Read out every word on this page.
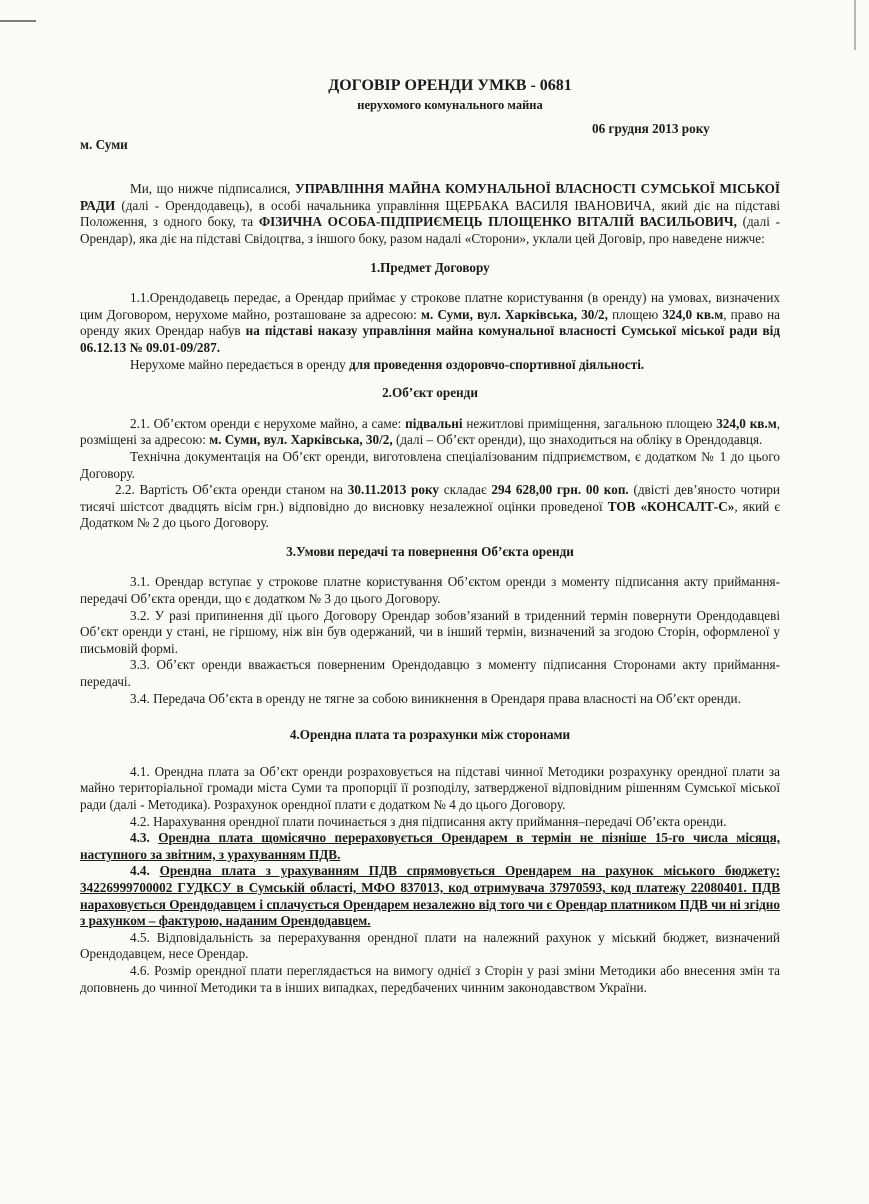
ДОГОВІР ОРЕНДИ УМКВ - 0681
нерухомого комунального майна
м. Суми
06 грудня 2013 року

Ми, що нижче підписалися, УПРАВЛІННЯ МАЙНА КОМУНАЛЬНОЇ ВЛАСНОСТІ СУМСЬКОЇ МІСЬКОЇ РАДИ (далі - Орендодавець), в особі начальника управління ЩЕРБАКА ВАСИЛЯ ІВАНОВИЧА, який діє на підставі Положення, з одного боку, та ФІЗИЧНА ОСОБА-ПІДПРИЄМЕЦЬ ПЛОЩЕНКО ВІТАЛІЙ ВАСИЛЬОВИЧ, (далі - Орендар), яка діє на підставі Свідоцтва, з іншого боку, разом надалі «Сторони», уклали цей Договір, про наведене нижче:

1.Предмет Договору

1.1.Орендодавець передає, а Орендар приймає у строкове платне користування (в оренду) на умовах, визначених цим Договором, нерухоме майно, розташоване за адресою: м. Суми, вул. Харківська, 30/2, площею 324,0 кв.м, право на оренду яких Орендар набув на підставі наказу управління майна комунальної власності Сумської міської ради від 06.12.13 № 09.01-09/287.

Нерухоме майно передається в оренду для проведення оздоровчо-спортивної діяльності.

2.Об’єкт оренди

2.1. Об’єктом оренди є нерухоме майно, а саме: підвальні нежитлові приміщення, загальною площею 324,0 кв.м, розміщені за адресою: м. Суми, вул. Харківська, 30/2, (далі – Об’єкт оренди), що знаходиться на обліку в Орендодавця.

Технічна документація на Об’єкт оренди, виготовлена спеціалізованим підприємством, є додатком № 1 до цього Договору.

2.2. Вартість Об’єкта оренди станом на 30.11.2013 року складає 294 628,00 грн. 00 коп. (двісті дев’яносто чотири тисячі шістсот двадцять вісім грн.) відповідно до висновку незалежної оцінки проведеної ТОВ «КОНСАЛТ-С», який є Додатком № 2 до цього Договору.

3.Умови передачі та повернення Об’єкта оренди

3.1. Орендар вступає у строкове платне користування Об’єктом оренди з моменту підписання акту приймання-передачі Об’єкта оренди, що є додатком № 3 до цього Договору.

3.2. У разі припинення дії цього Договору Орендар зобов’язаний в триденний термін повернути Орендодавцеві Об’єкт оренди у стані, не гіршому, ніж він був одержаний, чи в інший термін, визначений за згодою Сторін, оформленої у письмовій формі.

3.3. Об’єкт оренди вважається поверненим Орендодавцю з моменту підписання Сторонами акту приймання-передачі.

3.4. Передача Об’єкта в оренду не тягне за собою виникнення в Орендаря права власності на Об’єкт оренди.

4.Орендна плата та розрахунки між сторонами

4.1. Орендна плата за Об’єкт оренди розраховується на підставі чинної Методики розрахунку орендної плати за майно територіальної громади міста Суми та пропорції її розподілу, затвердженої відповідним рішенням Сумської міської ради (далі - Методика). Розрахунок орендної плати є додатком № 4 до цього Договору.

4.2. Нарахування орендної плати починається з дня підписання акту приймання–передачі Об’єкта оренди.

4.3. Орендна плата щомісячно перераховується Орендарем в термін не пізніше 15-го числа місяця, наступного за звітним, з урахуванням ПДВ.

4.4. Орендна плата з урахуванням ПДВ спрямовується Орендарем на рахунок міського бюджету: 34226999700002 ГУДКСУ в Сумській області, МФО 837013, код отримувача 37970593, код платежу 22080401. ПДВ нараховується Орендодавцем і сплачується Орендарем незалежно від того чи є Орендар платником ПДВ чи ні згідно з рахунком – фактурою, наданим Орендодавцем.

4.5. Відповідальність за перерахування орендної плати на належний рахунок у міський бюджет, визначений Орендодавцем, несе Орендар.

4.6. Розмір орендної плати переглядається на вимогу однієї з Сторін у разі зміни Методики або внесення змін та доповнень до чинної Методики та в інших випадках, передбачених чинним законодавством України.
